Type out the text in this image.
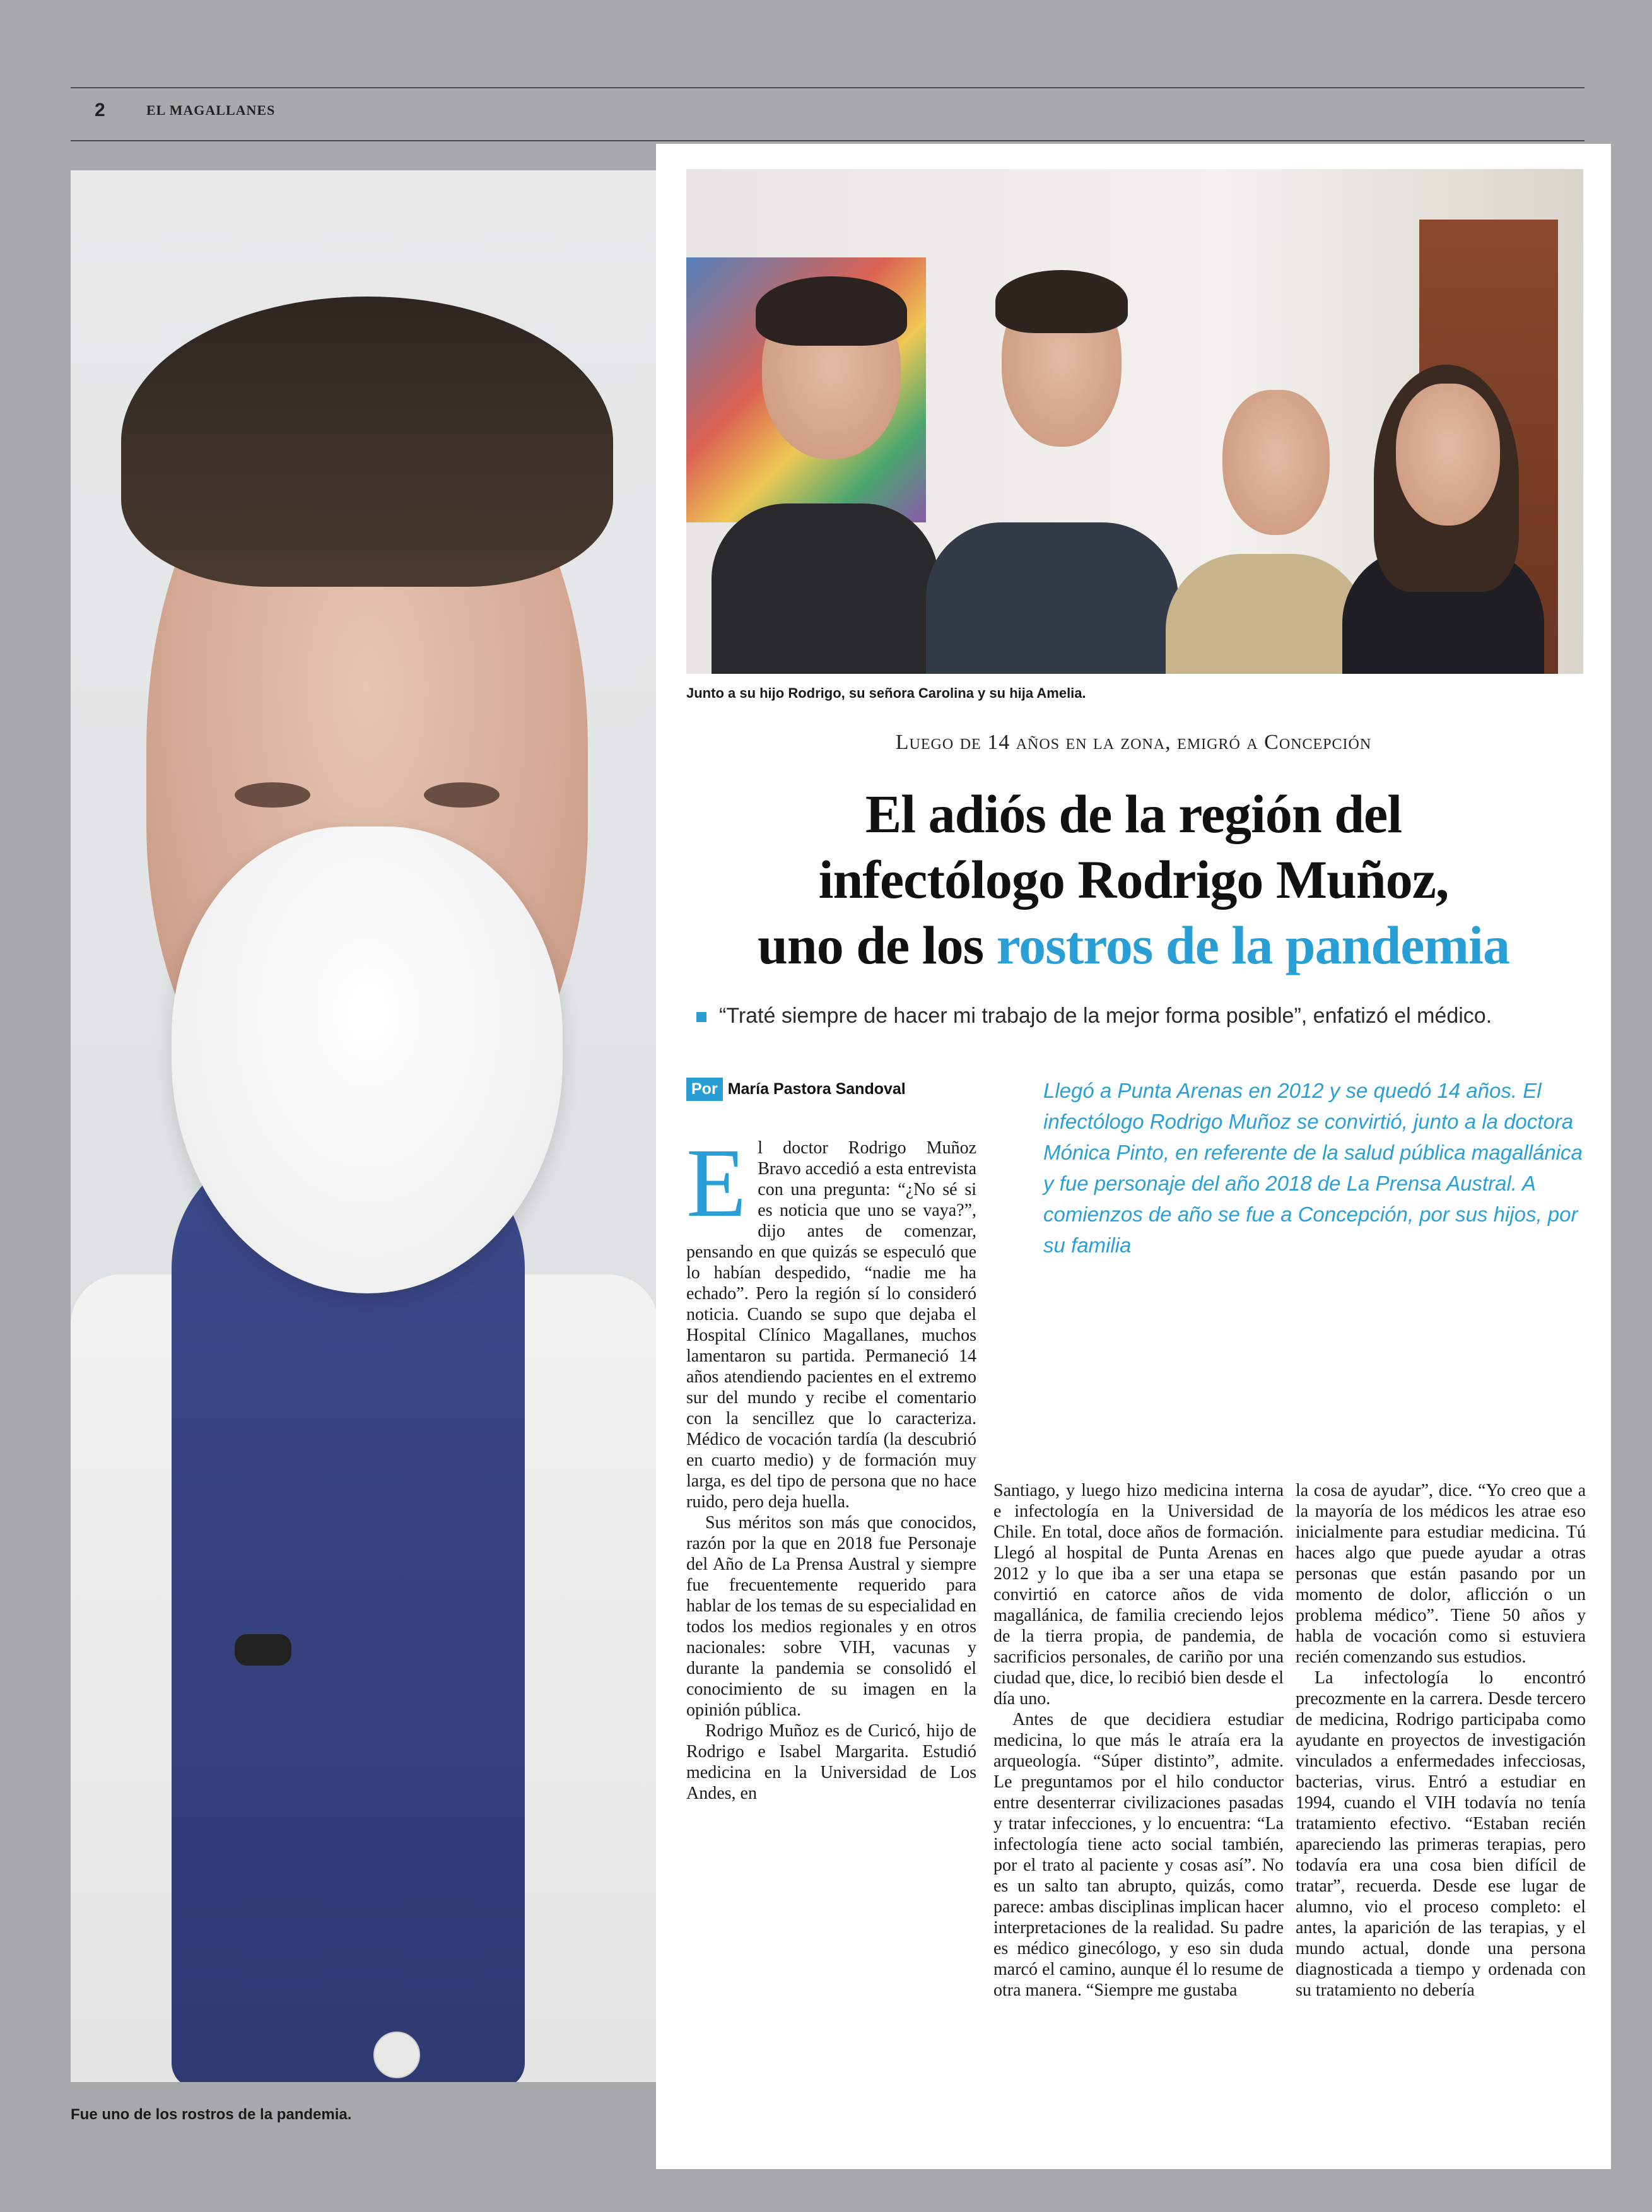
2	EL MAGALLANES
Fue uno de los rostros de la pandemia.
Junto a su hijo Rodrigo, su señora Carolina y su hija Amelia.
Luego de 14 años en la zona, emigró a Concepción
El adiós de la región del
infectólogo Rodrigo Muñoz,
uno de los rostros de la pandemia
“Traté siempre de hacer mi trabajo de la mejor forma posible”, enfatizó el médico.
Por María Pastora Sandoval	Llegó a Punta Arenas en 2012 y se quedó 14 años. El infectólogo Rodrigo Muñoz se convirtió, junto a la doctora Mónica Pinto, en referente de la salud pública magallánica y fue personaje del año 2018 de La Prensa Austral. A comienzos de año se fue a Concepción, por sus hijos, por su familia

El doctor Rodrigo Muñoz Bravo accedió a esta entrevista con una pregunta: “¿No sé si es noticia que uno se vaya?”, dijo antes de comenzar, pensando en que quizás se especuló que lo habían despedido, “nadie me ha echado”. Pero la región sí lo consideró noticia. Cuando se supo que dejaba el Hospital Clínico Magallanes, muchos lamentaron su partida. Permaneció 14 años atendiendo pacientes en el extremo sur del mundo y recibe el comentario con la sencillez que lo caracteriza. Médico de vocación tardía (la descubrió en cuarto medio) y de formación muy larga, es del tipo de persona que no hace ruido, pero deja huella.

Sus méritos son más que conocidos, razón por la que en 2018 fue Personaje del Año de La Prensa Austral y siempre fue frecuentemente requerido para hablar de los temas de su especialidad en todos los medios regionales y en otros nacionales: sobre VIH, vacunas y durante la pandemia se consolidó el conocimiento de su imagen en la opinión pública.

Rodrigo Muñoz es de Curicó, hijo de Rodrigo e Isabel Margarita. Estudió medicina en la Universidad de Los Andes, en

Santiago, y luego hizo medicina interna e infectología en la Universidad de Chile. En total, doce años de formación. Llegó al hospital de Punta Arenas en 2012 y lo que iba a ser una etapa se convirtió en catorce años de vida magallánica, de familia creciendo lejos de la tierra propia, de pandemia, de sacrificios personales, de cariño por una ciudad que, dice, lo recibió bien desde el día uno.

Antes de que decidiera estudiar medicina, lo que más le atraía era la arqueología. “Súper distinto”, admite. Le preguntamos por el hilo conductor entre desenterrar civilizaciones pasadas y tratar infecciones, y lo encuentra: “La infectología tiene acto social también, por el trato al paciente y cosas así”. No es un salto tan abrupto, quizás, como parece: ambas disciplinas implican hacer interpretaciones de la realidad. Su padre es médico ginecólogo, y eso sin duda marcó el camino, aunque él lo resume de otra manera. “Siempre me gustaba

la cosa de ayudar”, dice. “Yo creo que a la mayoría de los médicos les atrae eso inicialmente para estudiar medicina. Tú haces algo que puede ayudar a otras personas que están pasando por un momento de dolor, aflicción o un problema médico”. Tiene 50 años y habla de vocación como si estuviera recién comenzando sus estudios.

La infectología lo encontró precozmente en la carrera. Desde tercero de medicina, Rodrigo participaba como ayudante en proyectos de investigación vinculados a enfermedades infecciosas, bacterias, virus. Entró a estudiar en 1994, cuando el VIH todavía no tenía tratamiento efectivo. “Estaban recién apareciendo las primeras terapias, pero todavía era una cosa bien difícil de tratar”, recuerda. Desde ese lugar de alumno, vio el proceso completo: el antes, la aparición de las terapias, y el mundo actual, donde una persona diagnosticada a tiempo y ordenada con su tratamiento no debería
